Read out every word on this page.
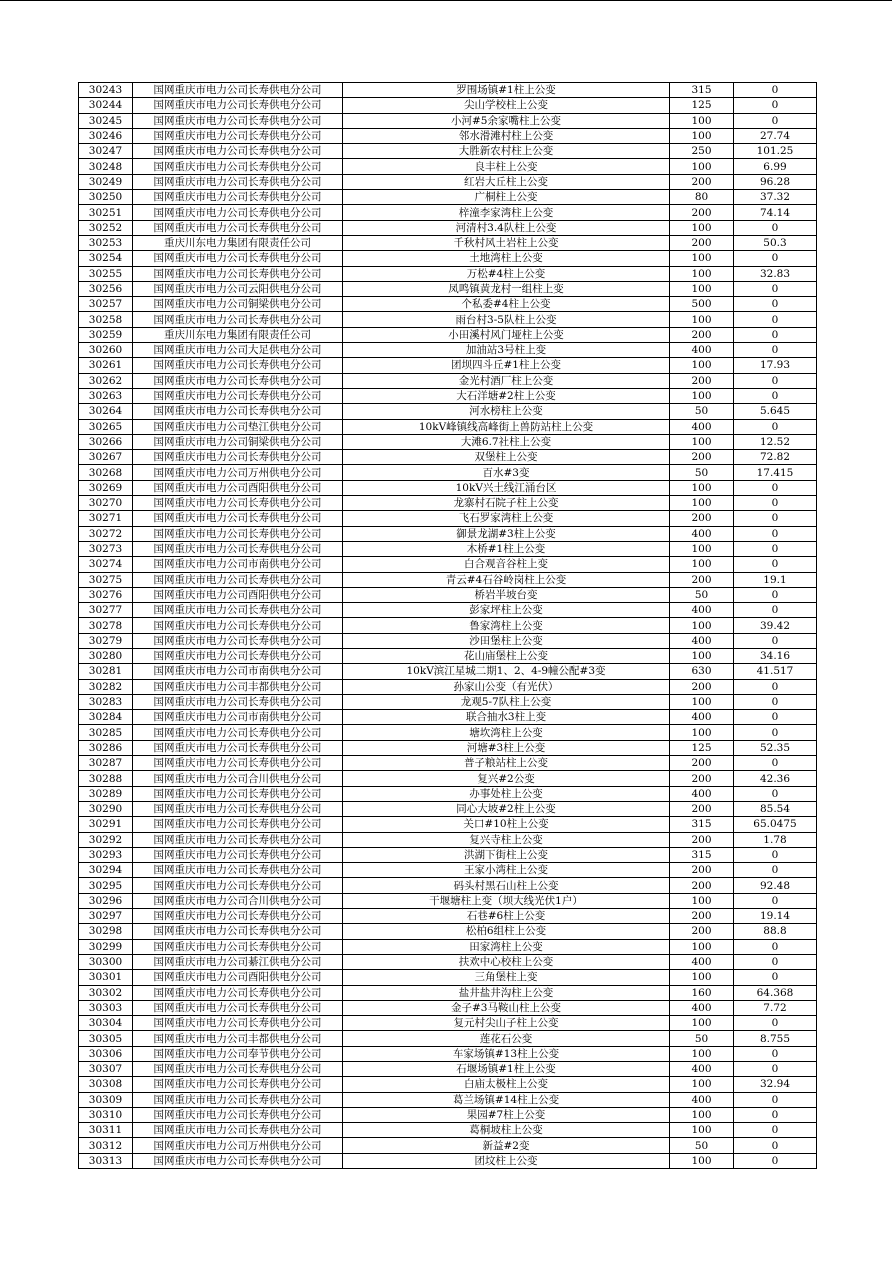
30243	国网重庆市电力公司长寿供电分公司	罗围场镇#1柱上公变	315	0
30244	国网重庆市电力公司长寿供电分公司	尖山学校柱上公变	125	0
30245	国网重庆市电力公司长寿供电分公司	小河#5余家嘴柱上公变	100	0
30246	国网重庆市电力公司长寿供电分公司	邻水滑滩村柱上公变	100	27.74
30247	国网重庆市电力公司长寿供电分公司	大胜新农村柱上公变	250	101.25
30248	国网重庆市电力公司长寿供电分公司	良丰柱上公变	100	6.99
30249	国网重庆市电力公司长寿供电分公司	红岩大丘柱上公变	200	96.28
30250	国网重庆市电力公司长寿供电分公司	广桐柱上公变	80	37.32
30251	国网重庆市电力公司长寿供电分公司	梓潼李家湾柱上公变	200	74.14
30252	国网重庆市电力公司长寿供电分公司	河清村3.4队柱上公变	100	0
30253	重庆川东电力集团有限责任公司	千秋村风土岩柱上公变	200	50.3
30254	国网重庆市电力公司长寿供电分公司	土地湾柱上公变	100	0
30255	国网重庆市电力公司长寿供电分公司	万松#4柱上公变	100	32.83
30256	国网重庆市电力公司云阳供电分公司	凤鸣镇黄龙村一组柱上变	100	0
30257	国网重庆市电力公司铜梁供电分公司	个私委#4柱上公变	500	0
30258	国网重庆市电力公司长寿供电分公司	雨台村3-5队柱上公变	100	0
30259	重庆川东电力集团有限责任公司	小田溪村风门垭柱上公变	200	0
30260	国网重庆市电力公司大足供电分公司	加油站3号柱上变	400	0
30261	国网重庆市电力公司长寿供电分公司	团坝四斗丘#1柱上公变	100	17.93
30262	国网重庆市电力公司长寿供电分公司	金光村酒厂柱上公变	200	0
30263	国网重庆市电力公司长寿供电分公司	大石洋塘#2柱上公变	100	0
30264	国网重庆市电力公司长寿供电分公司	河水榜柱上公变	50	5.645
30265	国网重庆市电力公司垫江供电分公司	10kV峰镇线高峰街上兽防站柱上公变	400	0
30266	国网重庆市电力公司铜梁供电分公司	大滩6.7社柱上公变	100	12.52
30267	国网重庆市电力公司长寿供电分公司	双堡柱上公变	200	72.82
30268	国网重庆市电力公司万州供电分公司	百水#3变	50	17.415
30269	国网重庆市电力公司酉阳供电分公司	10kV兴土线江涌台区	100	0
30270	国网重庆市电力公司长寿供电分公司	龙寨村石院子柱上公变	100	0
30271	国网重庆市电力公司长寿供电分公司	飞石罗家湾柱上公变	200	0
30272	国网重庆市电力公司长寿供电分公司	御景龙湖#3柱上公变	400	0
30273	国网重庆市电力公司长寿供电分公司	木桥#1柱上公变	100	0
30274	国网重庆市电力公司市南供电分公司	白合观音谷柱上变	100	0
30275	国网重庆市电力公司长寿供电分公司	青云#4石谷岭岗柱上公变	200	19.1
30276	国网重庆市电力公司酉阳供电分公司	桥岩半坡台变	50	0
30277	国网重庆市电力公司长寿供电分公司	彭家坪柱上公变	400	0
30278	国网重庆市电力公司长寿供电分公司	鲁家湾柱上公变	100	39.42
30279	国网重庆市电力公司长寿供电分公司	沙田堡柱上公变	400	0
30280	国网重庆市电力公司长寿供电分公司	花山庙堡柱上公变	100	34.16
30281	国网重庆市电力公司市南供电分公司	10kV滨江星城二期1、2、4-9幢公配#3变	630	41.517
30282	国网重庆市电力公司丰都供电分公司	孙家山公变（有光伏）	200	0
30283	国网重庆市电力公司长寿供电分公司	龙观5-7队柱上公变	100	0
30284	国网重庆市电力公司市南供电分公司	联合抽水3柱上变	400	0
30285	国网重庆市电力公司长寿供电分公司	塘坎湾柱上公变	100	0
30286	国网重庆市电力公司长寿供电分公司	河塘#3柱上公变	125	52.35
30287	国网重庆市电力公司长寿供电分公司	普子粮站柱上公变	200	0
30288	国网重庆市电力公司合川供电分公司	复兴#2公变	200	42.36
30289	国网重庆市电力公司长寿供电分公司	办事处柱上公变	400	0
30290	国网重庆市电力公司长寿供电分公司	同心大坡#2柱上公变	200	85.54
30291	国网重庆市电力公司长寿供电分公司	关口#10柱上公变	315	65.0475
30292	国网重庆市电力公司长寿供电分公司	复兴寺柱上公变	200	1.78
30293	国网重庆市电力公司长寿供电分公司	洪湖下街柱上公变	315	0
30294	国网重庆市电力公司长寿供电分公司	王家小湾柱上公变	200	0
30295	国网重庆市电力公司长寿供电分公司	码头村黑石山柱上公变	200	92.48
30296	国网重庆市电力公司合川供电分公司	干堰塘柱上变（坝大线光伏1户）	100	0
30297	国网重庆市电力公司长寿供电分公司	石巷#6柱上公变	200	19.14
30298	国网重庆市电力公司长寿供电分公司	松柏6组柱上公变	200	88.8
30299	国网重庆市电力公司长寿供电分公司	田家湾柱上公变	100	0
30300	国网重庆市电力公司綦江供电分公司	扶欢中心校柱上公变	400	0
30301	国网重庆市电力公司酉阳供电分公司	三角堡柱上变	100	0
30302	国网重庆市电力公司长寿供电分公司	盐井盐井沟柱上公变	160	64.368
30303	国网重庆市电力公司长寿供电分公司	金子#3马鞍山柱上公变	400	7.72
30304	国网重庆市电力公司长寿供电分公司	复元村尖山子柱上公变	100	0
30305	国网重庆市电力公司丰都供电分公司	莲花石公变	50	8.755
30306	国网重庆市电力公司奉节供电分公司	车家场镇#13柱上公变	100	0
30307	国网重庆市电力公司长寿供电分公司	石堰场镇#1柱上公变	400	0
30308	国网重庆市电力公司长寿供电分公司	白庙太极柱上公变	100	32.94
30309	国网重庆市电力公司长寿供电分公司	葛兰场镇#14柱上公变	400	0
30310	国网重庆市电力公司长寿供电分公司	果园#7柱上公变	100	0
30311	国网重庆市电力公司长寿供电分公司	葛桐坡柱上公变	100	0
30312	国网重庆市电力公司万州供电分公司	新益#2变	50	0
30313	国网重庆市电力公司长寿供电分公司	团坟柱上公变	100	0
